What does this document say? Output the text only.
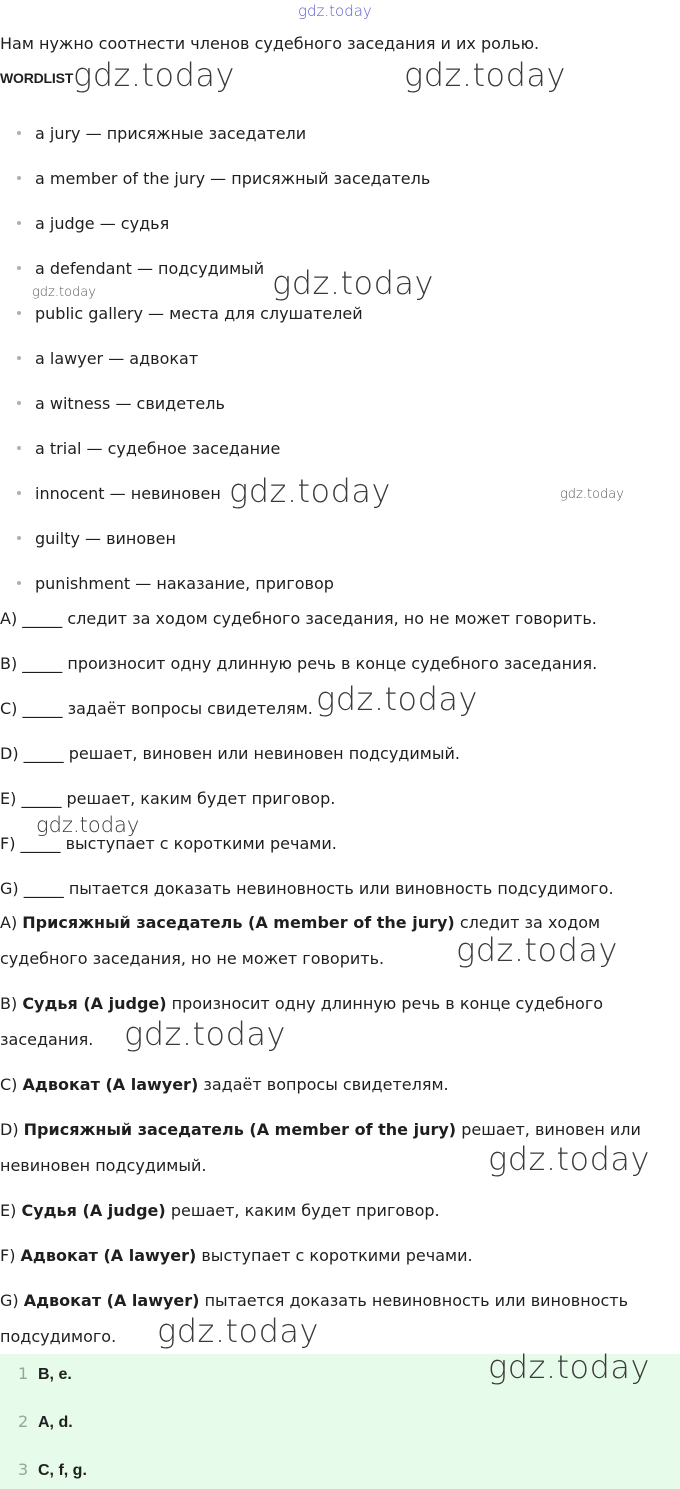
gdz.today
gdz.today	gdz.today
gdz.today
gdz.today
gdz.today	gdz.today
gdz.today
gdz.today
gdz.today
gdz.today
gdz.today
gdz.today
gdz.today
Нам нужно соотнести членов судебного заседания и их ролью.
WORDLIST
a jury — присяжные заседатели
a member of the jury — присяжный заседатель
a judge — судья
a defendant — подсудимый
public gallery — места для слушателей
a lawyer — адвокат
a witness — свидетель
a trial — судебное заседание
innocent — невиновен
guilty — виновен
punishment — наказание, приговор
A) _____ следит за ходом судебного заседания, но не может говорить.
B) _____ произносит одну длинную речь в конце судебного заседания.
C) _____ задаёт вопросы свидетелям.
D) _____ решает, виновен или невиновен подсудимый.
E) _____ решает, каким будет приговор.
F) _____ выступает с короткими речами.
G) _____ пытается доказать невиновность или виновность подсудимого.
A) Присяжный заседатель (A member of the jury) следит за ходом судебного заседания, но не может говорить.
B) Судья (A judge) произносит одну длинную речь в конце судебного заседания.
C) Адвокат (A lawyer) задаёт вопросы свидетелям.
D) Присяжный заседатель (A member of the jury) решает, виновен или невиновен подсудимый.
E) Судья (A judge) решает, каким будет приговор.
F) Адвокат (A lawyer) выступает с короткими речами.
G) Адвокат (A lawyer) пытается доказать невиновность или виновность подсудимого.
1 B, e.
2 A, d.
3 C, f, g.
